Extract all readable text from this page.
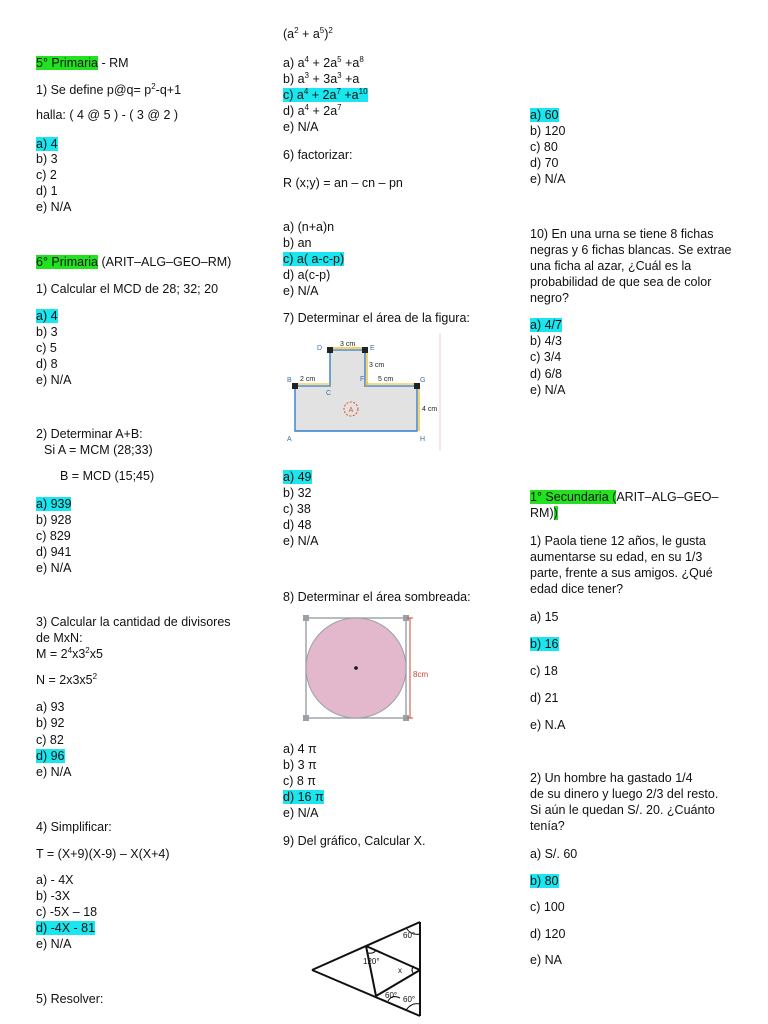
5° Primaria - RM
1) Se define p@q= $p^2-q+1$
halla: ( 4 @ 5 ) - ( 3 @ 2 )
a) 4
b) 3
c) 2
d) 1
e) N/A
6° Primaria (ARIT–ALG–GEO–RM)
1) Calcular el MCD de 28; 32; 20
a) 4
b) 3
c) 5
d) 8
e) N/A
2) Determinar A+B:
Si A = MCM (28;33)
B = MCD (15;45)
a) 939
b) 928
c) 829
d) 941
e) N/A
3) Calcular la cantidad de divisores
de MxN:
$M = 2^4x3^2x5$
$N = 2x3x5^2$
a) 93
b) 92
c) 82
d) 96
e) N/A
4) Simplificar:
T = (X+9)(X-9) – X(X+4)
a) - 4X
b) -3X
c) -5X – 18
d) -4X - 81
e) N/A
5) Resolver:
$(a^2 + a^5)^2$
a) $a^4 + 2a^5 +a^8$
b) $a^3 + 3a^3 +a$
c) $a^4 + 2a^7 +a^{10}$
d) $a^4 + 2a^7$
e) N/A
6) factorizar:
R (x;y) = an – cn – pn
a) (n+a)n
b) an
c) a( a-c-p)
d) a(c-p)
e) N/A
7) Determinar el área de la figura:
A
3 cm
3 cm
2 cm	5 cm
4 cm
D	E
B
C
F	G
A	H
a) 49
b) 32
c) 38
d) 48
e) N/A
8) Determinar el área sombreada:
8cm
a) 4 π
b) 3 π
c) 8 π
d) 16 π
e) N/A
9) Del gráfico, Calcular X.
60°
120°
x
60° 60°
a) 60
b) 120
c) 80
d) 70
e) N/A
10) En una urna se tiene 8 fichas
negras y 6 fichas blancas. Se extrae
una ficha al azar, ¿Cuál es la
probabilidad de que sea de color
negro?
a) 4/7
b) 4/3
c) 3/4
d) 6/8
e) N/A
1° Secundaria (ARIT–ALG–GEO–
RM))
1) Paola tiene 12 años, le gusta
aumentarse su edad, en su 1/3
parte, frente a sus amigos. ¿Qué
edad dice tener?
a) 15
b) 16
c) 18
d) 21
e) N.A
2) Un hombre ha gastado 1/4
de su dinero y luego 2/3 del resto.
Si aún le quedan S/. 20. ¿Cuánto
tenía?
a) S/. 60
b) 80
c) 100
d) 120
e) NA
